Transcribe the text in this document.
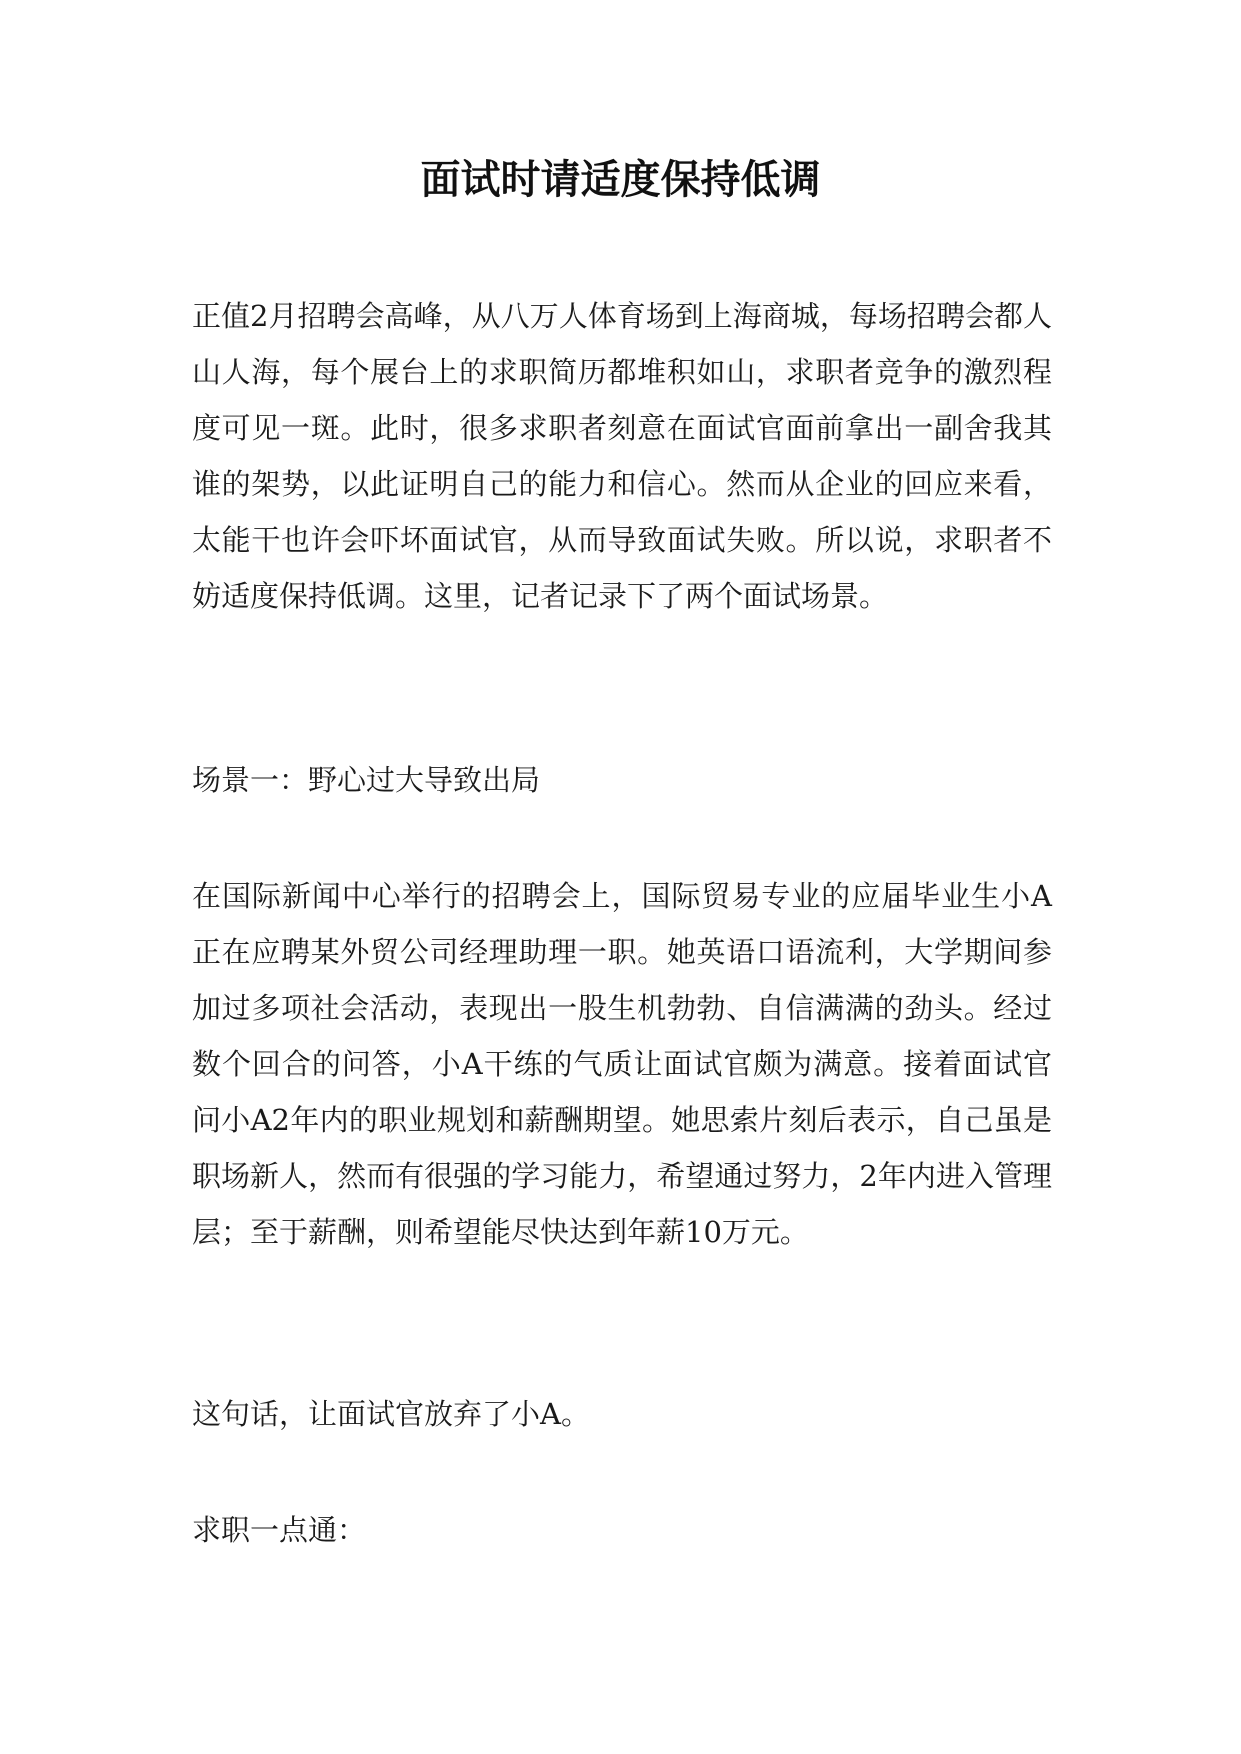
面试时请适度保持低调

正值2月招聘会高峰，从八万人体育场到上海商城，每场招聘会都人山人海，每个展台上的求职简历都堆积如山，求职者竞争的激烈程度可见一斑。此时，很多求职者刻意在面试官面前拿出一副舍我其谁的架势，以此证明自己的能力和信心。然而从企业的回应来看，太能干也许会吓坏面试官，从而导致面试失败。所以说，求职者不妨适度保持低调。这里，记者记录下了两个面试场景。

场景一：野心过大导致出局

在国际新闻中心举行的招聘会上，国际贸易专业的应届毕业生小A正在应聘某外贸公司经理助理一职。她英语口语流利，大学期间参加过多项社会活动，表现出一股生机勃勃、自信满满的劲头。经过数个回合的问答，小A干练的气质让面试官颇为满意。接着面试官问小A2年内的职业规划和薪酬期望。她思索片刻后表示，自己虽是职场新人，然而有很强的学习能力，希望通过努力，2年内进入管理层；至于薪酬，则希望能尽快达到年薪10万元。

这句话，让面试官放弃了小A。

求职一点通：
